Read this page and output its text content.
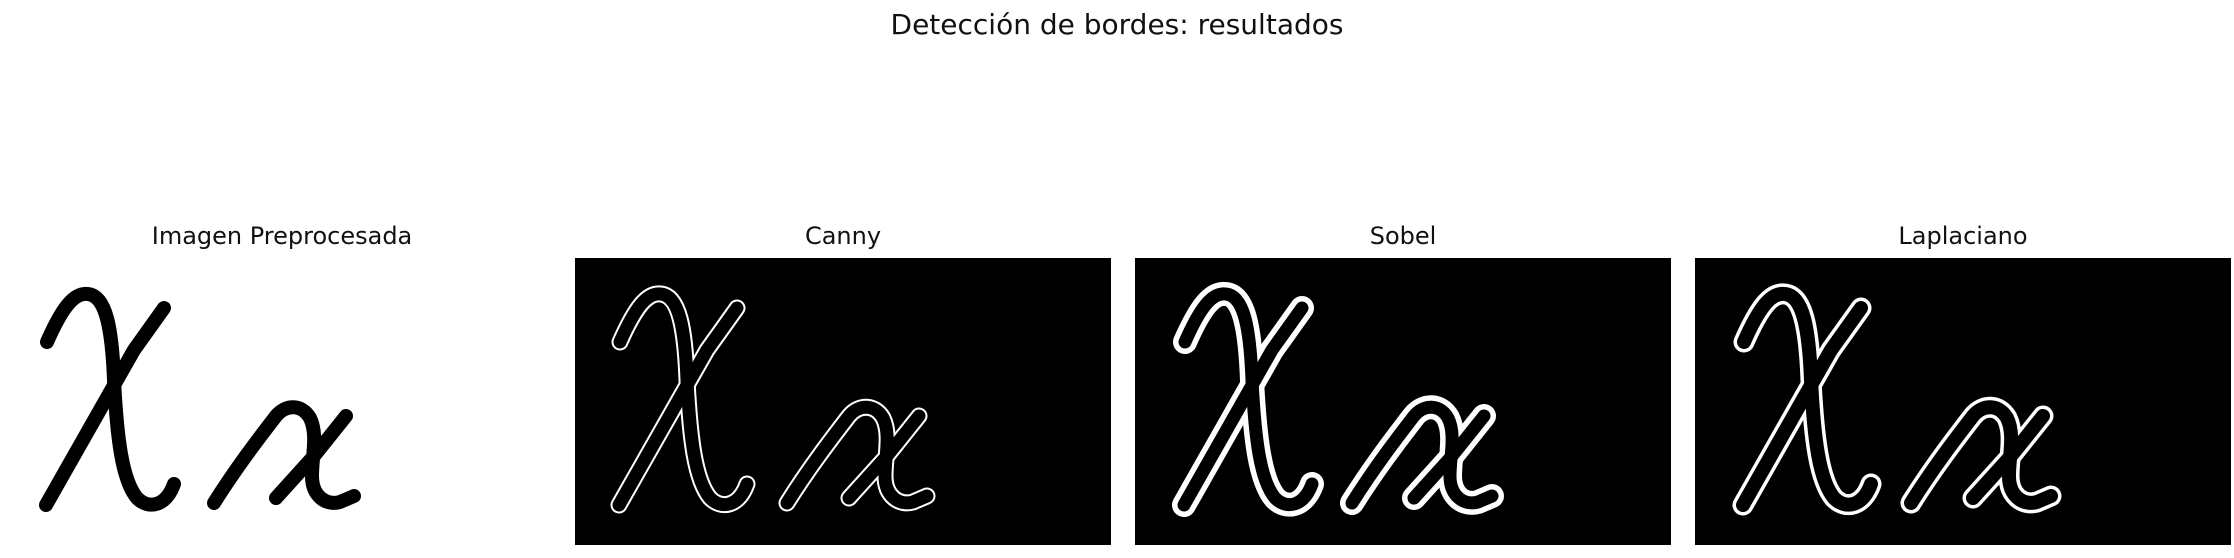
Detección de bordes: resultados
Imagen Preprocesada	Canny	Sobel	Laplaciano
